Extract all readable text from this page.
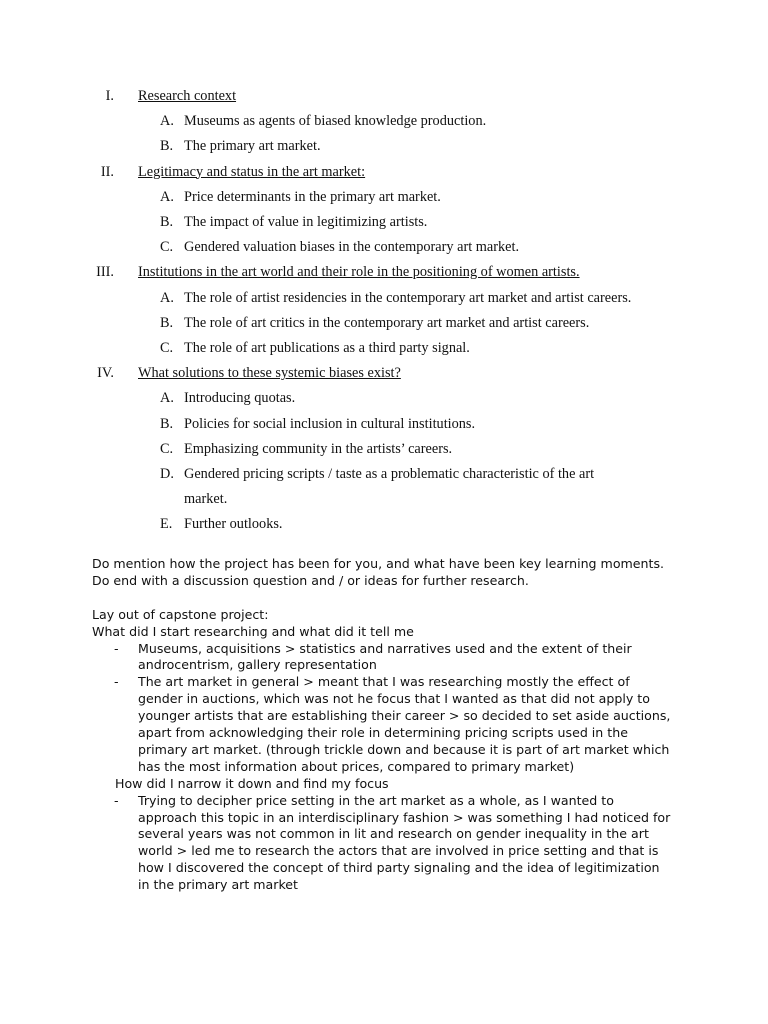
I. Research context
A. Museums as agents of biased knowledge production.
B. The primary art market.
II. Legitimacy and status in the art market:
A. Price determinants in the primary art market.
B. The impact of value in legitimizing artists.
C. Gendered valuation biases in the contemporary art market.
III. Institutions in the art world and their role in the positioning of women artists.
A. The role of artist residencies in the contemporary art market and artist careers.
B. The role of art critics in the contemporary art market and artist careers.
C. The role of art publications as a third party signal.
IV. What solutions to these systemic biases exist?
A. Introducing quotas.
B. Policies for social inclusion in cultural institutions.
C. Emphasizing community in the artists’ careers.
D. Gendered pricing scripts / taste as a problematic characteristic of the art market.
E. Further outlooks.

Do mention how the project has been for you, and what have been key learning moments. Do end with a discussion question and / or ideas for further research.

Lay out of capstone project:

What did I start researching and what did it tell me

- Museums, acquisitions > statistics and narratives used and the extent of their androcentrism, gallery representation
- The art market in general > meant that I was researching mostly the effect of gender in auctions, which was not he focus that I wanted as that did not apply to younger artists that are establishing their career > so decided to set aside auctions, apart from acknowledging their role in determining pricing scripts used in the primary art market. (through trickle down and because it is part of art market which has the most information about prices, compared to primary market)

How did I narrow it down and find my focus

- Trying to decipher price setting in the art market as a whole, as I wanted to approach this topic in an interdisciplinary fashion > was something I had noticed for several years was not common in lit and research on gender inequality in the art world > led me to research the actors that are involved in price setting and that is how I discovered the concept of third party signaling and the idea of legitimization in the primary art market
